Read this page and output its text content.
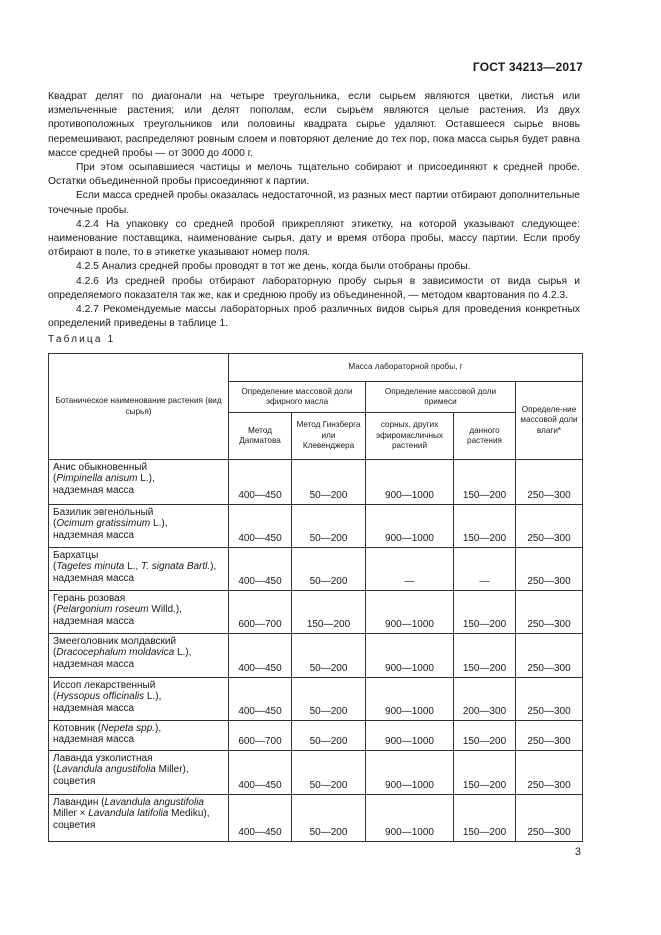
ГОСТ 34213—2017

Квадрат делят по диагонали на четыре треугольника, если сырьем являются цветки, листья или измельченные растения; или делят пополам, если сырьем являются целые растения. Из двух противоположных треугольников или половины квадрата сырье удаляют. Оставшееся сырье вновь перемешивают, распределяют ровным слоем и повторяют деление до тех пор, пока масса сырья будет равна массе средней пробы — от 3000 до 4000 г.

При этом осыпавшиеся частицы и мелочь тщательно собирают и присоединяют к средней пробе. Остатки объединенной пробы присоединяют к партии.

Если масса средней пробы оказалась недостаточной, из разных мест партии отбирают дополнительные точечные пробы.

4.2.4 На упаковку со средней пробой прикрепляют этикетку, на которой указывают следующее: наименование поставщика, наименование сырья, дату и время отбора пробы, массу партии. Если пробу отбирают в поле, то в этикетке указывают номер поля.

4.2.5 Анализ средней пробы проводят в тот же день, когда были отобраны пробы.

4.2.6 Из средней пробы отбирают лабораторную пробу сырья в зависимости от вида сырья и определяемого показателя так же, как и среднюю пробу из объединенной, — методом квартования по 4.2.3.

4.2.7 Рекомендуемые массы лабораторных проб различных видов сырья для проведения конкретных определений приведены в таблице 1.

Таблица 1
Ботаническое наименование растения (вид сырья)	Масса лабораторной пробы, г				
	Определение массовой доли эфирного масла		Определение массовой доли примеси		Определе-ние массовой доли влаги*
	Метод Дапматова	Метод Гинзберга или Клевенджера	сорных, других эфиромасличных растений	данного растения	
Анис обыкновенный
(Pimpinella anisum L.),
надземная масса	400—450	50—200	900—1000	150—200	250—300
Базилик эвгенольный
(Ocimum gratissimum L.),
надземная масса	400—450	50—200	900—1000	150—200	250—300
Бархатцы
(Tagetes minuta L., T. signata Bartl.),
надземная масса	400—450	50—200	—	—	250—300
Герань розовая
(Pelargonium roseum Willd.),
надземная масса	600—700	150—200	900—1000	150—200	250—300
Змееголовник молдавский
(Dracocephalum moldavica L.),
надземная масса	400—450	50—200	900—1000	150—200	250—300
Иссоп лекарственный
(Hyssopus officinalis L.),
надземная масса	400—450	50—200	900—1000	200—300	250—300
Котовник (Nepeta spp.),
надземная масса	600—700	50—200	900—1000	150—200	250—300
Лаванда узколистная
(Lavandula angustifolia Miller),
соцветия	400—450	50—200	900—1000	150—200	250—300
Лавандин (Lavandula angustifolia
Miller × Lavandula latifolia Mediku),
соцветия	400—450	50—200	900—1000	150—200	250—300
3
